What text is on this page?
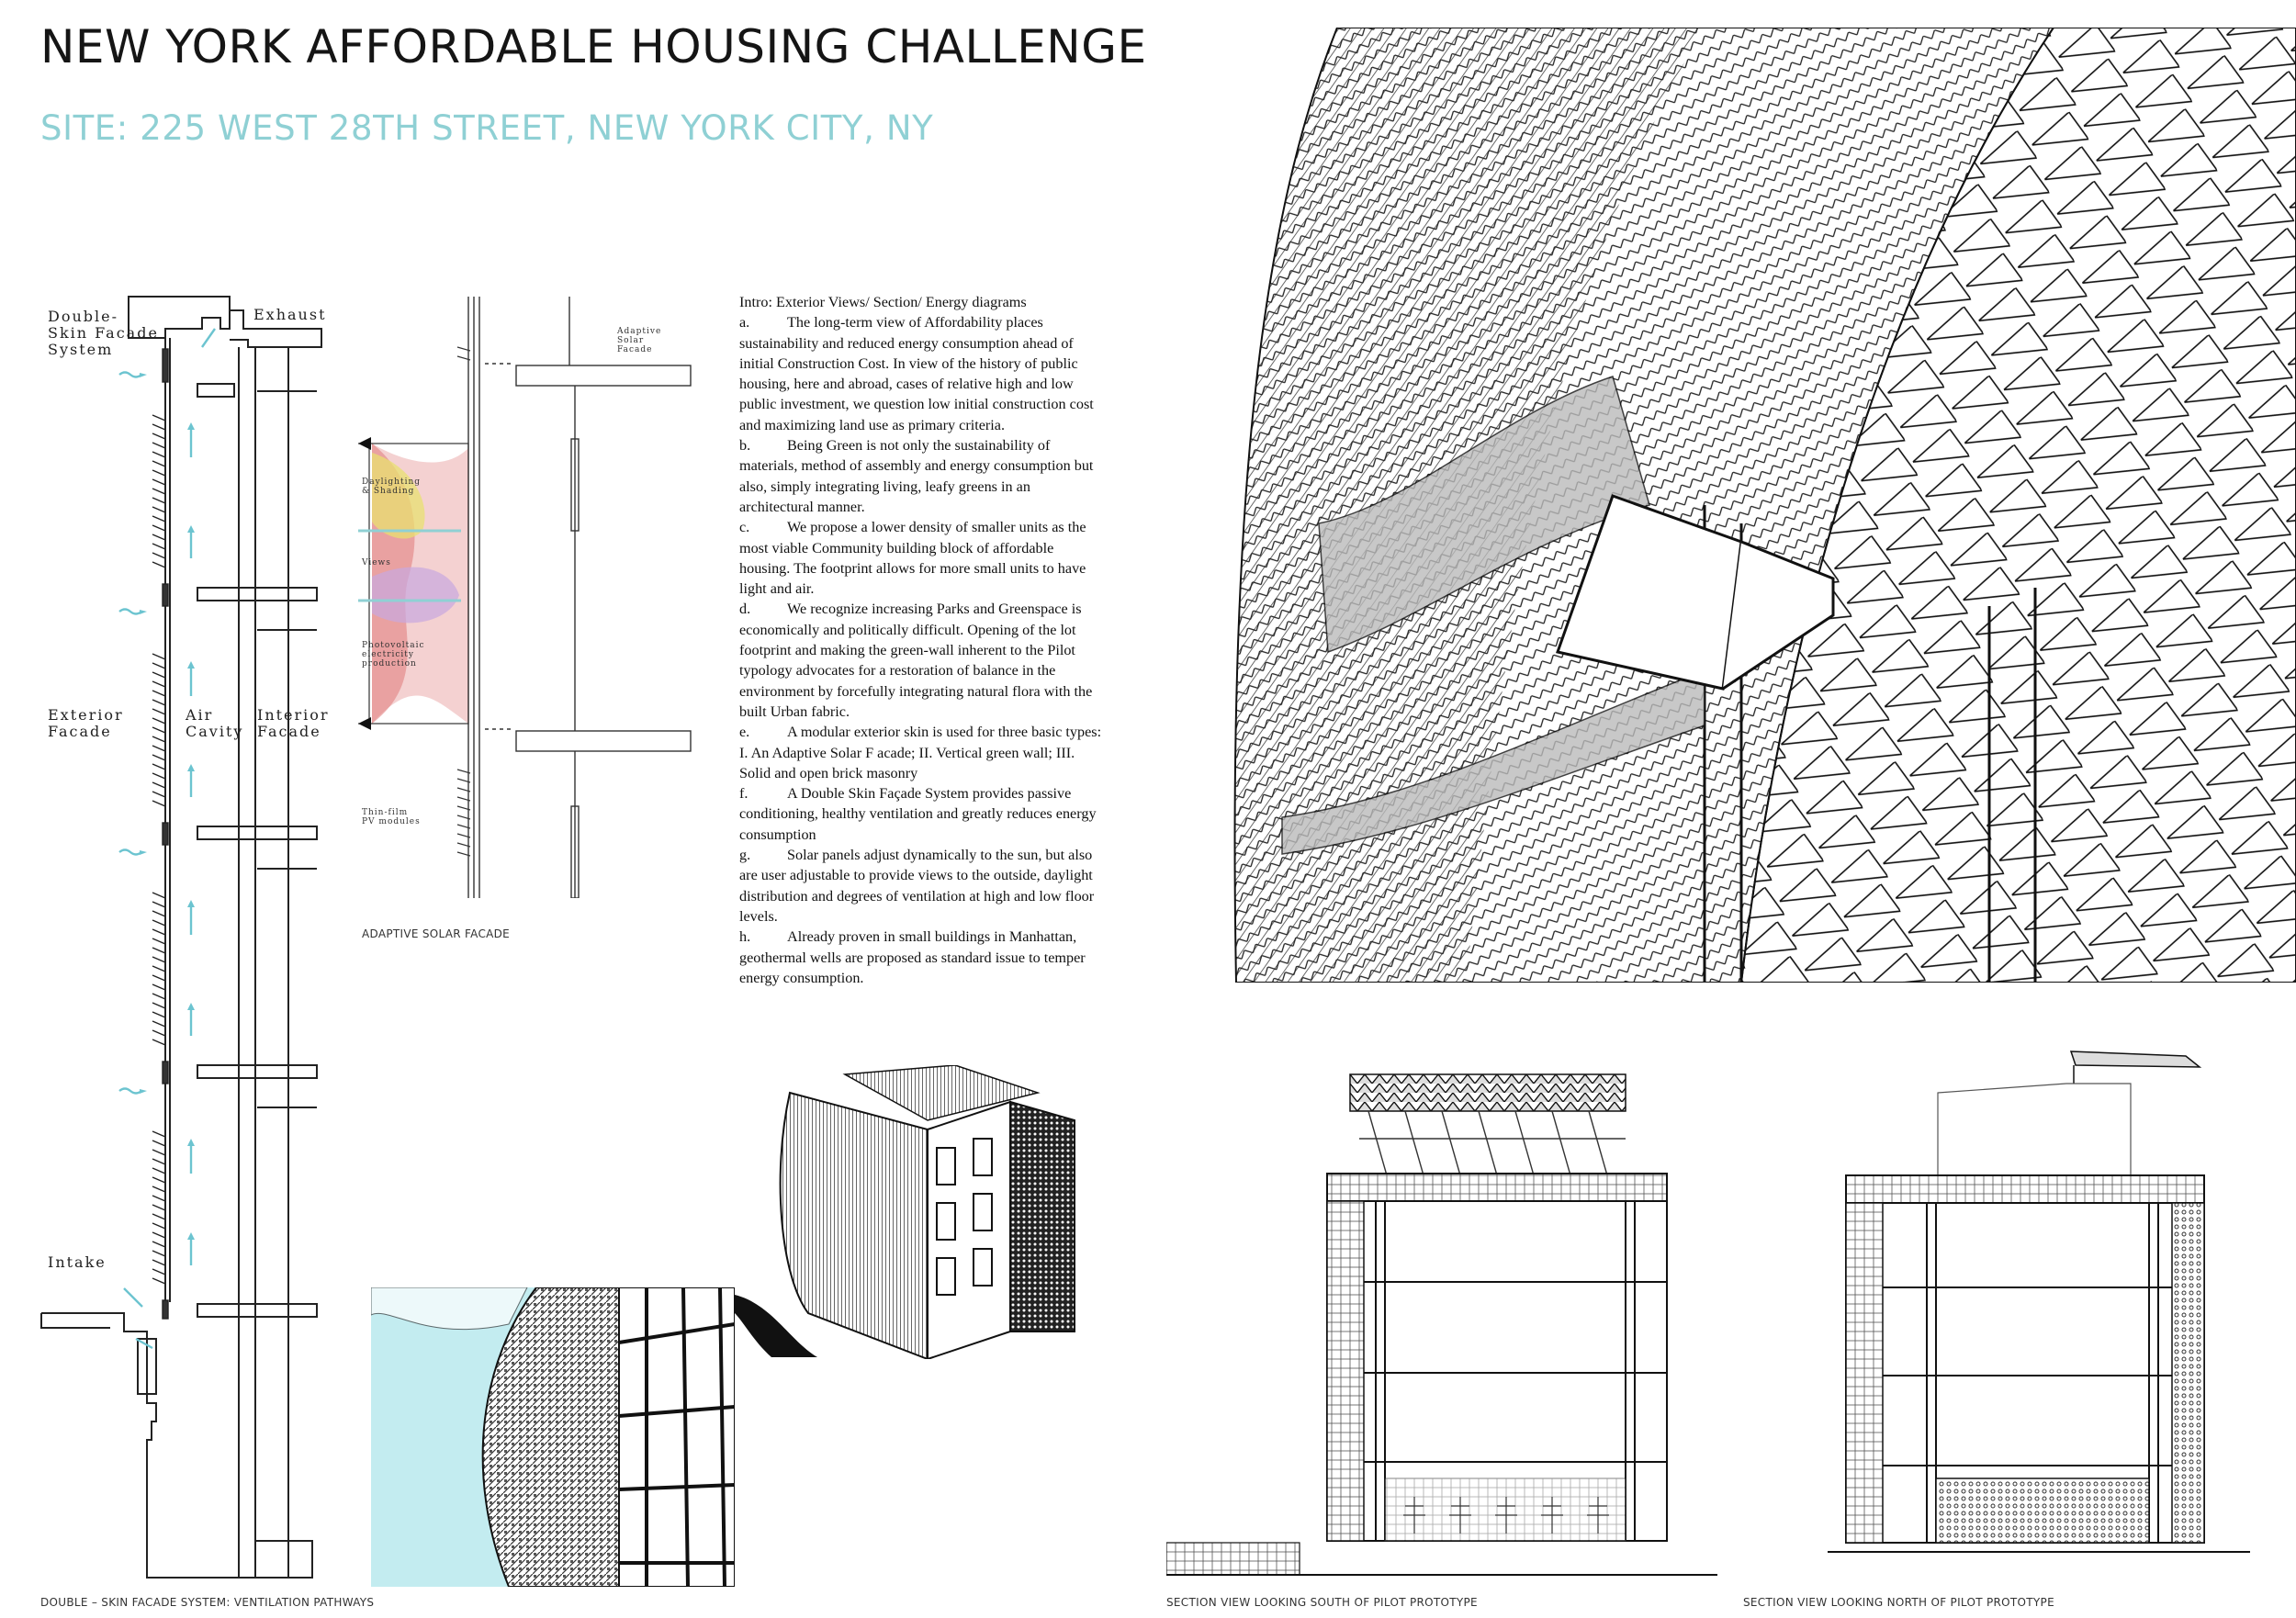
NEW YORK AFFORDABLE HOUSING CHALLENGE
SITE: 225 WEST 28TH STREET, NEW YORK CITY, NY
Double-
Skin Facade
System
Exhaust
Exterior
Facade
Air
Cavity
Interior
Facade
Intake
DOUBLE – SKIN FACADE SYSTEM: VENTILATION PATHWAYS
Adaptive
Solar
Facade
Daylighting
& Shading
Views
Photovoltaic
electricity
production
Thin-film
PV modules
ADAPTIVE SOLAR FACADE

Intro: Exterior Views/ Section/ Energy diagrams

a.	The long-term view of Affordability places sustainability and reduced energy consumption ahead of initial Construction Cost. In view of the history of public housing, here and abroad, cases of relative high and low public investment, we question low initial construction cost and maximizing land use as primary criteria.

b. Being Green is not only the sustainability of materials, method of assembly and energy consumption but also, simply integrating living, leafy greens in an architectural manner.

c.	We propose a lower density of smaller units as the most viable Community building block of affordable housing. The footprint allows for more small units to have light and air.

d. We recognize increasing Parks and Greenspace is economically and politically difficult. Opening of the lot footprint and making the green-wall inherent to the Pilot typology advocates for a restoration of balance in the environment by forcefully integrating natural flora with the built Urban fabric.

e.	A modular exterior skin is used for three basic types: I. An Adaptive Solar F acade; II. Vertical green wall; III. Solid and open brick masonry

f.	A Double Skin Façade System provides passive conditioning, healthy ventilation and greatly reduces energy consumption

g. Solar panels adjust dynamically to the sun, but also are user adjustable to provide views to the outside, daylight distribution and degrees of ventilation at high and low floor levels.

h. Already proven in small buildings in Manhattan, geothermal wells are proposed as standard issue to temper energy consumption.

SECTION VIEW LOOKING SOUTH OF PILOT PROTOTYPE	SECTION VIEW LOOKING NORTH OF PILOT PROTOTYPE
